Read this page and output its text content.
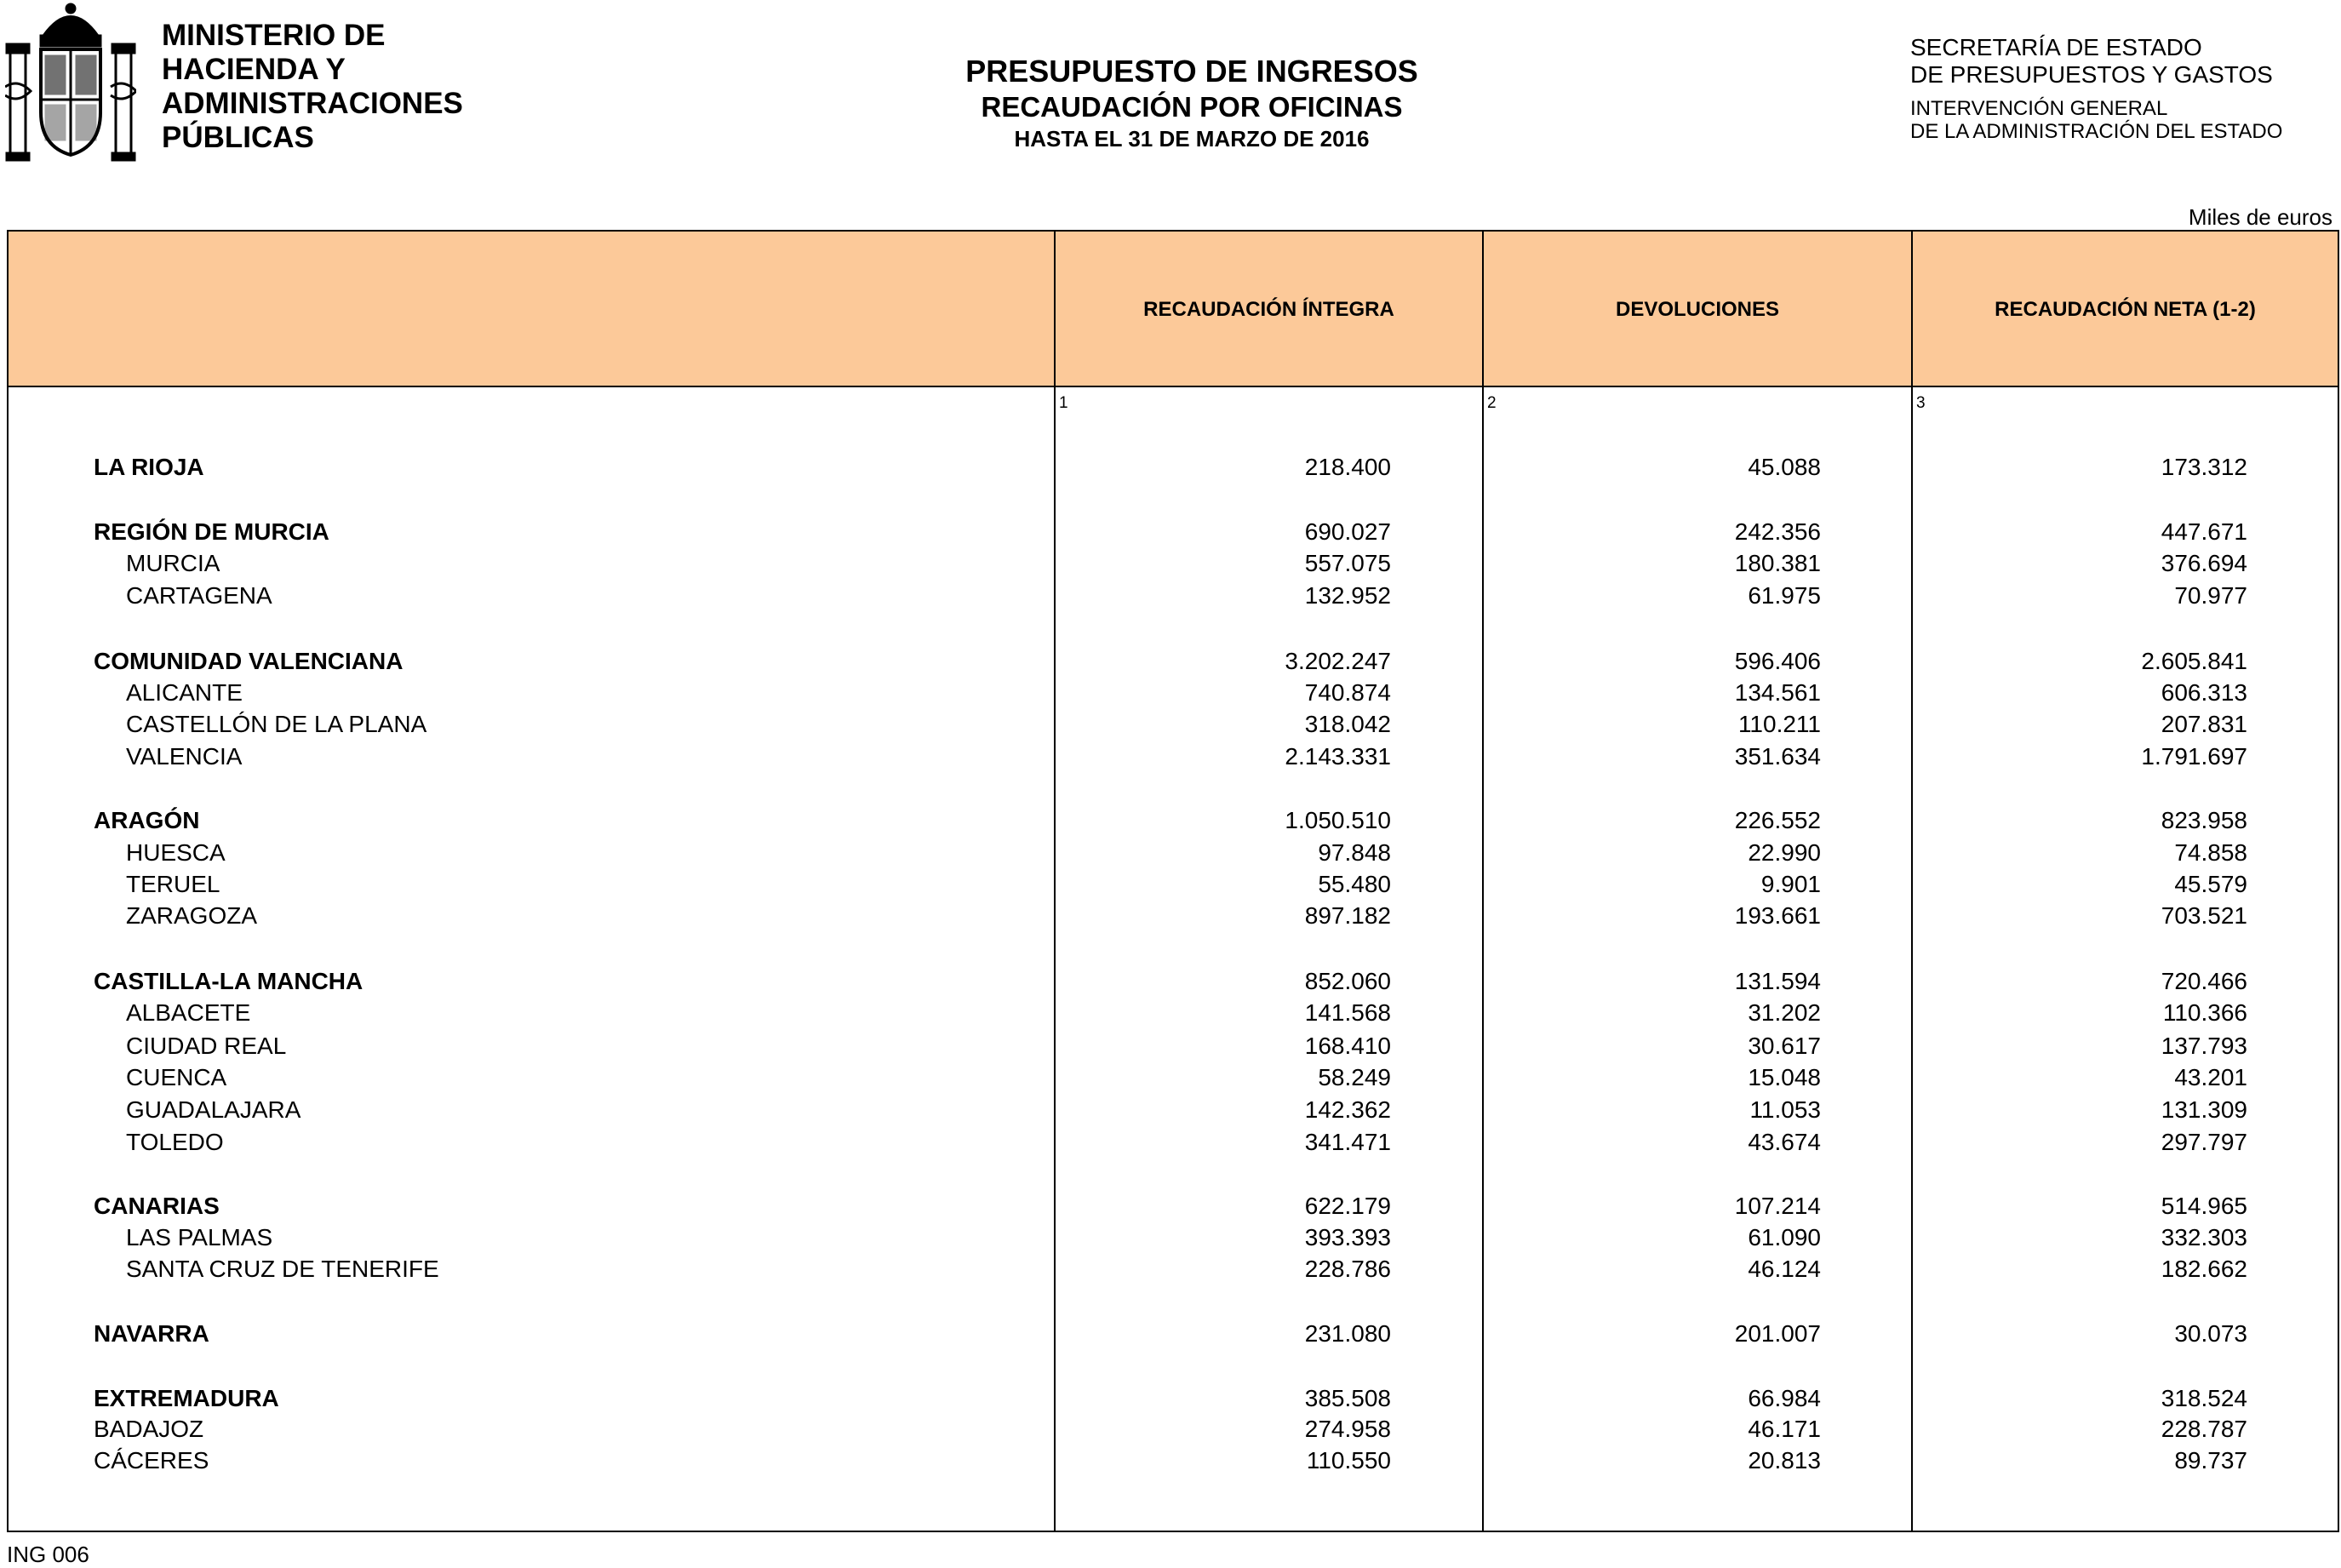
MINISTERIO DE
HACIENDA Y
ADMINISTRACIONES
PÚBLICAS
PRESUPUESTO DE INGRESOS
RECAUDACIÓN POR OFICINAS
HASTA EL 31 DE MARZO DE 2016
SECRETARÍA DE ESTADO
DE PRESUPUESTOS Y GASTOS
INTERVENCIÓN GENERAL
DE LA ADMINISTRACIÓN DEL ESTADO
Miles de euros
RECAUDACIÓN ÍNTEGRA	DEVOLUCIONES	RECAUDACIÓN NETA (1-2)
1	2	3
LA RIOJA	218.400	45.088	173.312
REGIÓN DE MURCIA	690.027	242.356	447.671
MURCIA	557.075	180.381	376.694
CARTAGENA	132.952	61.975	70.977
COMUNIDAD VALENCIANA	3.202.247	596.406	2.605.841
ALICANTE	740.874	134.561	606.313
CASTELLÓN DE LA PLANA	318.042	110.211	207.831
VALENCIA	2.143.331	351.634	1.791.697
ARAGÓN	1.050.510	226.552	823.958
HUESCA	97.848	22.990	74.858
TERUEL	55.480	9.901	45.579
ZARAGOZA	897.182	193.661	703.521
CASTILLA-LA MANCHA	852.060	131.594	720.466
ALBACETE	141.568	31.202	110.366
CIUDAD REAL	168.410	30.617	137.793
CUENCA	58.249	15.048	43.201
GUADALAJARA	142.362	11.053	131.309
TOLEDO	341.471	43.674	297.797
CANARIAS	622.179	107.214	514.965
LAS PALMAS	393.393	61.090	332.303
SANTA CRUZ DE TENERIFE	228.786	46.124	182.662
NAVARRA	231.080	201.007	30.073
EXTREMADURA	385.508	66.984	318.524
BADAJOZ	274.958	46.171	228.787
CÁCERES	110.550	20.813	89.737
ING 006
